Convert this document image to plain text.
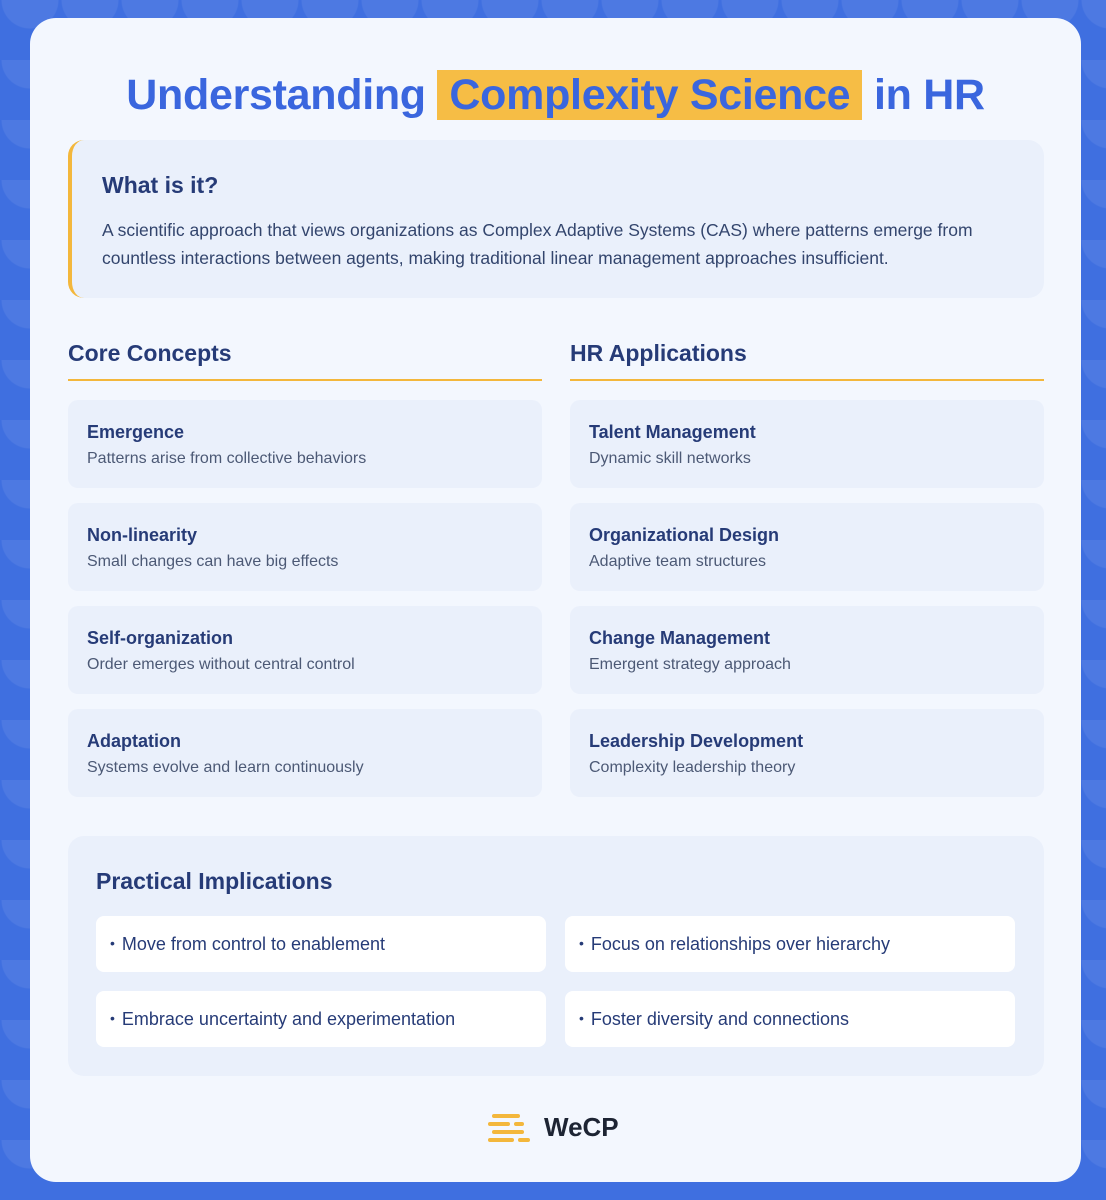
Understanding Complexity Science in HR
What is it?

A scientific approach that views organizations as Complex Adaptive Systems (CAS) where patterns emerge from countless interactions between agents, making traditional linear management approaches insufficient.

Core Concepts	HR Applications
Emergence
Patterns arise from collective behaviors
Non-linearity
Small changes can have big effects
Self-organization
Order emerges without central control
Adaptation
Systems evolve and learn continuously
Talent Management
Dynamic skill networks
Organizational Design
Adaptive team structures
Change Management
Emergent strategy approach
Leadership Development
Complexity leadership theory
Practical Implications
• Move from control to enablement	• Focus on relationships over hierarchy
• Embrace uncertainty and experimentation	• Foster diversity and connections
WeCP
